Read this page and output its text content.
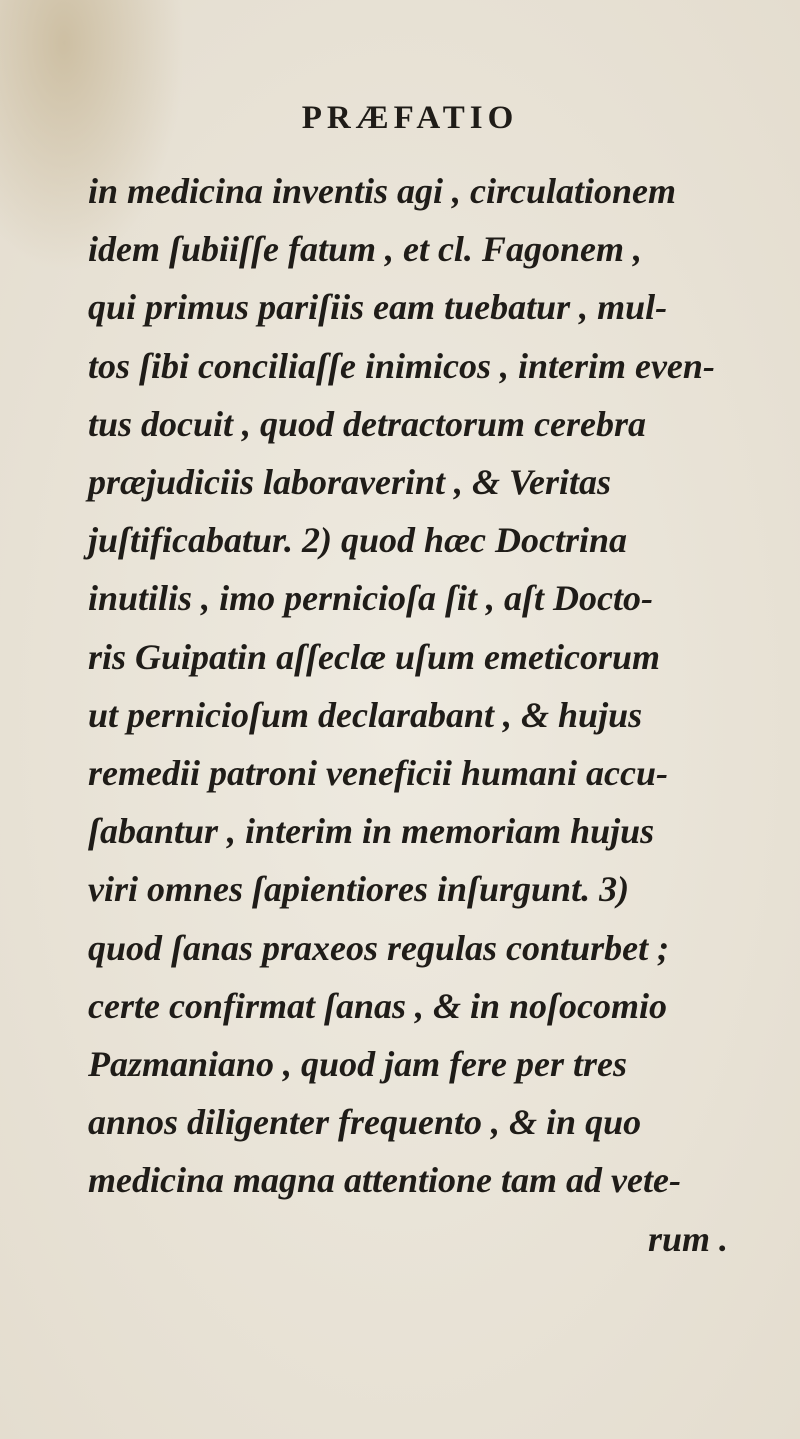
PRÆFATIO
in medicina inventis agi , circulationem
idem ſubiiſſe fatum , et cl. Fagonem ,
qui primus pariſiis eam tuebatur , mul-
tos ſibi conciliaſſe inimicos , interim even-
tus docuit , quod detractorum cerebra
præjudiciis laboraverint , & Veritas
juſtificabatur. 2) quod hæc Doctrina
inutilis , imo pernicioſa ſit , aſt Docto-
ris Guipatin aſſeclæ uſum emeticorum
ut pernicioſum declarabant , & hujus
remedii patroni veneficii humani accu-
ſabantur , interim in memoriam hujus
viri omnes ſapientiores inſurgunt. 3)
quod ſanas praxeos regulas conturbet ;
certe confirmat ſanas , & in noſocomio
Pazmaniano , quod jam fere per tres
annos diligenter frequento , & in quo
medicina magna attentione tam ad vete-
rum .
